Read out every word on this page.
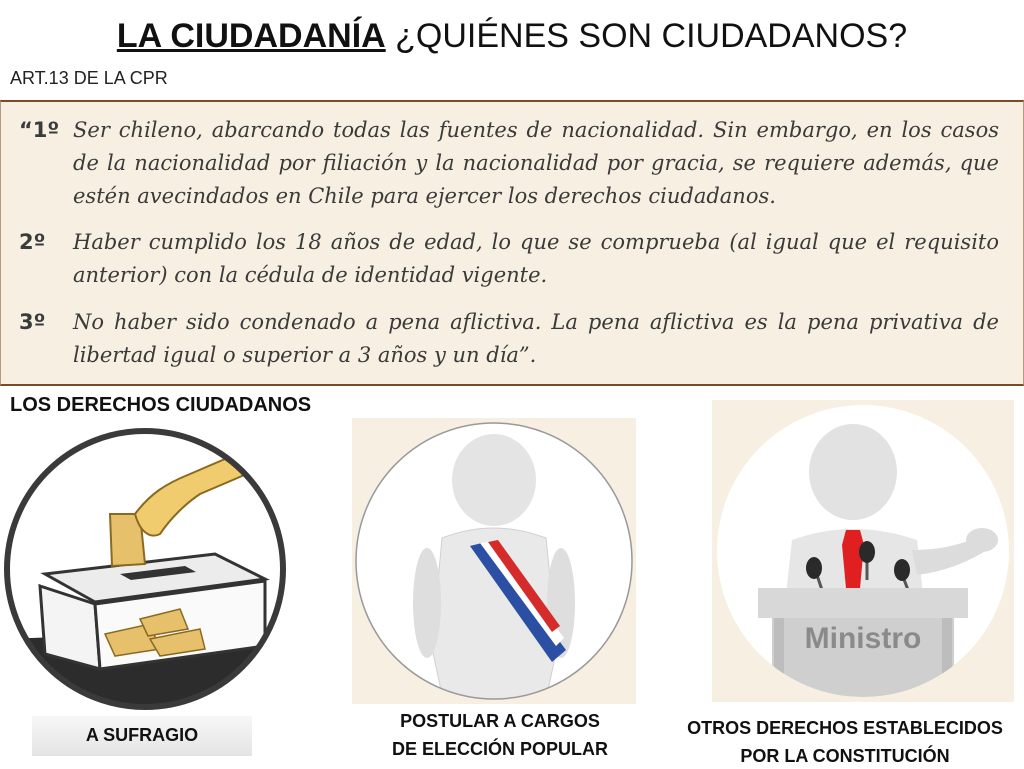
LA CIUDADANÍA ¿QUIÉNES SON CIUDADANOS?
ART.13 DE LA CPR
“1º Ser chileno, abarcando todas las fuentes de nacionalidad. Sin embargo, en los casos de la nacionalidad por filiación y la nacionalidad por gracia, se requiere además, que estén avecindados en Chile para ejercer los derechos ciudadanos.
2º	Haber cumplido los 18 años de edad, lo que se comprueba (al igual que el requisito anterior) con la cédula de identidad vigente.
3º	No haber sido condenado a pena aflictiva. La pena aflictiva es la pena privativa de libertad igual o superior a 3 años y un día”.
LOS DERECHOS CIUDADANOS
Ministro
A SUFRAGIO
POSTULAR A CARGOS
DE ELECCIÓN POPULAR
OTROS DERECHOS ESTABLECIDOS
POR LA CONSTITUCIÓN
